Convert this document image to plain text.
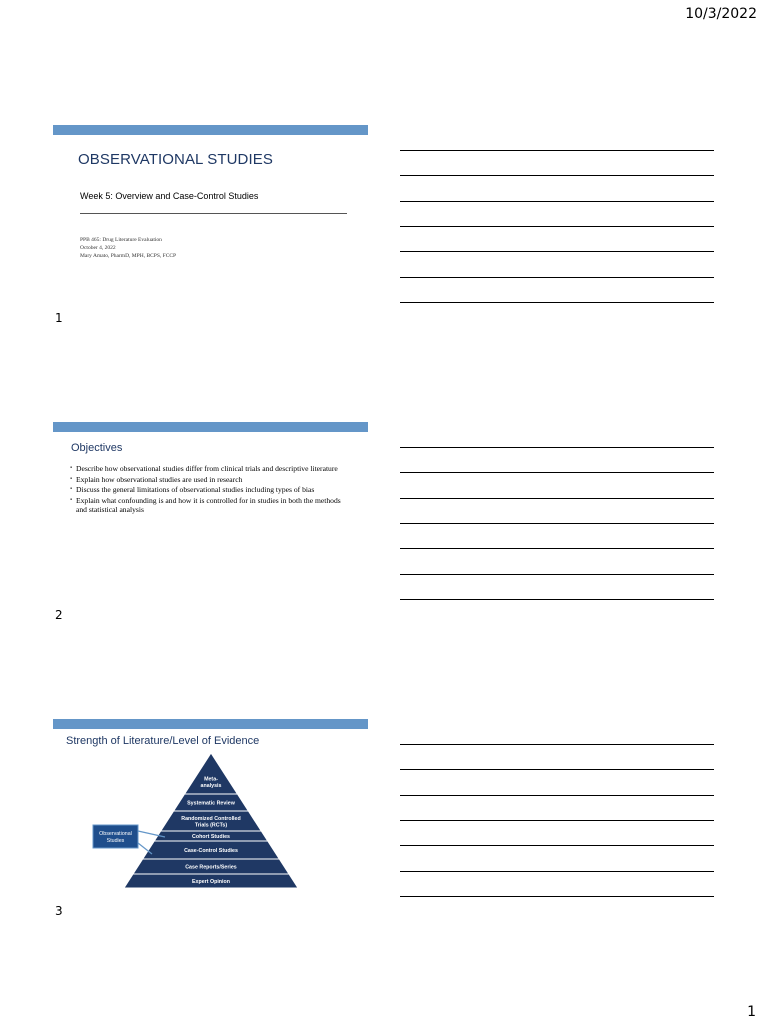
10/3/2022
OBSERVATIONAL STUDIES
Week 5: Overview and Case-Control Studies
PPB 465: Drug Literature Evaluation
October 4, 2022
Mary Amato, PharmD, MPH, BCPS, FCCP
1
Objectives
▪ Describe how observational studies differ from clinical trials and descriptive literature
▪ Explain how observational studies are used in research
▪ Discuss the general limitations of observational studies including types of bias
▪ Explain what confounding is and how it is controlled for in studies in both the methods and statistical analysis
2
Strength of Literature/Level of Evidence
Meta-
analysis
Systematic Review
Randomized Controlled
Trials (RCTs)
Cohort Studies
Case-Control Studies
Case Reports/Series
Expert Opinion
Observational
Studies
3
1
